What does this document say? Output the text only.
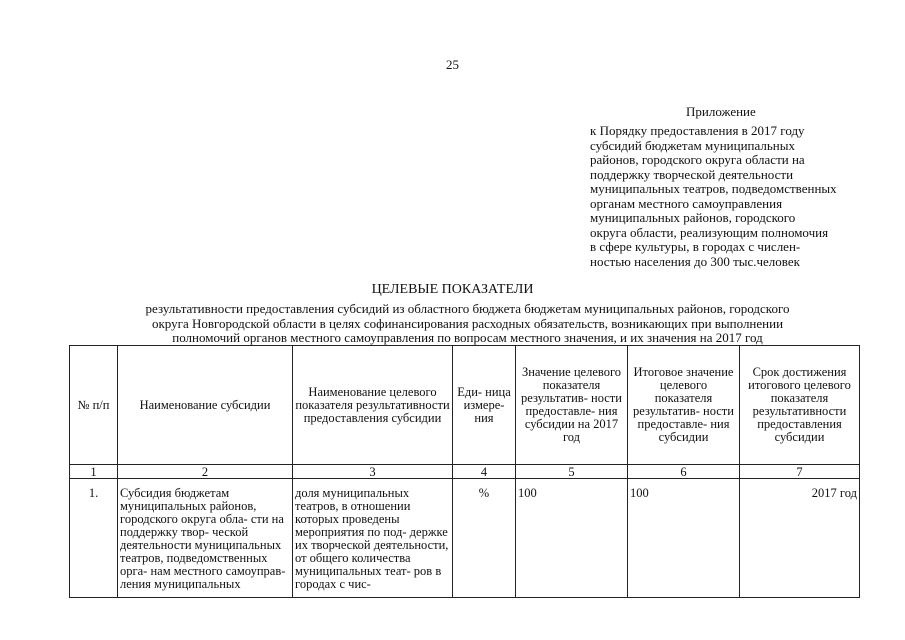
25
Приложение
к Порядку предоставления в 2017 году
субсидий бюджетам муниципальных
районов, городского округа области на
поддержку творческой деятельности
муниципальных театров, подведомственных
органам местного самоуправления
муниципальных районов, городского
округа области, реализующим полномочия
в сфере культуры, в городах с числен-
ностью населения до 300 тыс.человек
ЦЕЛЕВЫЕ ПОКАЗАТЕЛИ
результативности предоставления субсидий из областного бюджета бюджетам муниципальных районов, городского
округа Новгородской области в целях софинансирования расходных обязательств, возникающих при выполнении
полномочий органов местного самоуправления по вопросам местного значения, и их значения на 2017 год
№ п/п	Наименование субсидии	Наименование целевого показателя результативности предоставления субсидии	Еди- ница измере- ния	Значение целевого показателя результатив- ности предоставле- ния субсидии на 2017 год	Итоговое значение целевого показателя результатив- ности предоставле- ния субсидии	Срок достижения итогового целевого показателя результативности предоставления субсидии
1	2	3	4	5	6	7
1.	Субсидия бюджетам муниципальных районов, городского округа обла- сти на поддержку твор- ческой деятельности муниципальных театров, подведомственных орга- нам местного самоуправ- ления муниципальных	доля муниципальных театров, в отношении которых проведены мероприятия по под- держке их творческой деятельности, от общего количества муниципальных теат- ров в городах с чис-	%	100	100	2017 год
